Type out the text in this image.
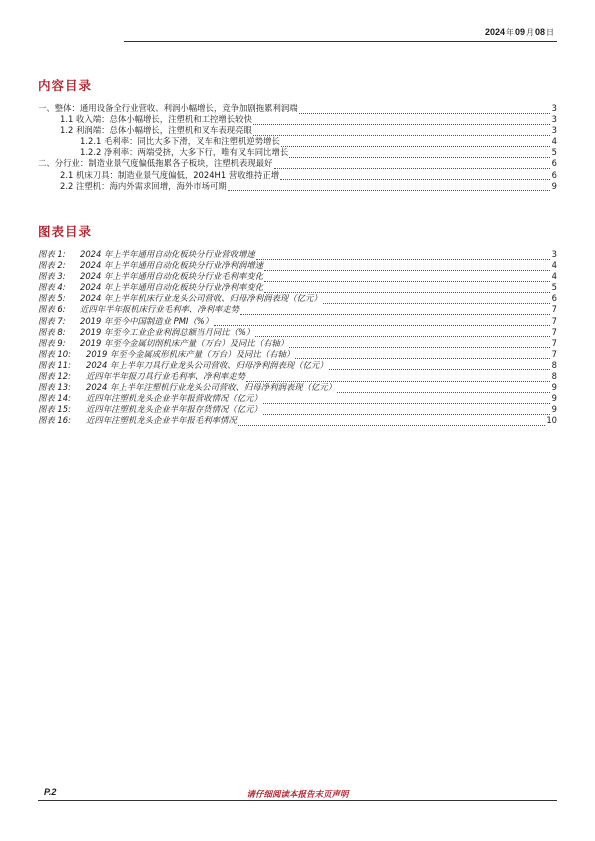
2024年09月08日
内容目录
一、整体：通用设备全行业营收、利润小幅增长，竞争加剧拖累利润端	3
1.1 收入端：总体小幅增长，注塑机和工控增长较快	3
1.2 利润端：总体小幅增长，注塑机和叉车表现亮眼	3
1.2.1 毛利率：同比大多下滑，叉车和注塑机逆势增长	4
1.2.2 净利率：两端受挤，大多下行，唯有叉车同比增长	5
二、分行业：制造业景气度偏低拖累各子板块，注塑机表现最好	6
2.1 机床刀具：制造业景气度偏低，2024H1 营收维持正增	6
2.2 注塑机：海内外需求回增，海外市场可期	9
图表目录
图表 1: 2024 年上半年通用自动化板块分行业营收增速	3
图表 2: 2024 年上半年通用自动化板块分行业净利润增速	4
图表 3: 2024 年上半年通用自动化板块分行业毛利率变化	4
图表 4: 2024 年上半年通用自动化板块分行业净利率变化	5
图表 5: 2024 年上半年机床行业龙头公司营收、归母净利润表现（亿元）	6
图表 6: 近四年半年报机床行业毛利率、净利率走势	7
图表 7: 2019 年至今中国制造业 PMI（%）	7
图表 8: 2019 年至今工业企业利润总额当月同比（%）	7
图表 9: 2019 年至今金属切削机床产量（万台）及同比（右轴）	7
图表 10: 2019 年至今金属成形机床产量（万台）及同比（右轴）	7
图表 11: 2024 年上半年刀具行业龙头公司营收、归母净利润表现（亿元）	8
图表 12: 近四年半年报刀具行业毛利率、净利率走势	8
图表 13: 2024 年上半年注塑机行业龙头公司营收、归母净利润表现（亿元）	9
图表 14: 近四年注塑机龙头企业半年报营收情况（亿元）	9
图表 15: 近四年注塑机龙头企业半年报存货情况（亿元）	9
图表 16: 近四年注塑机龙头企业半年报毛利率情况	10
P.2	请仔细阅读本报告末页声明
